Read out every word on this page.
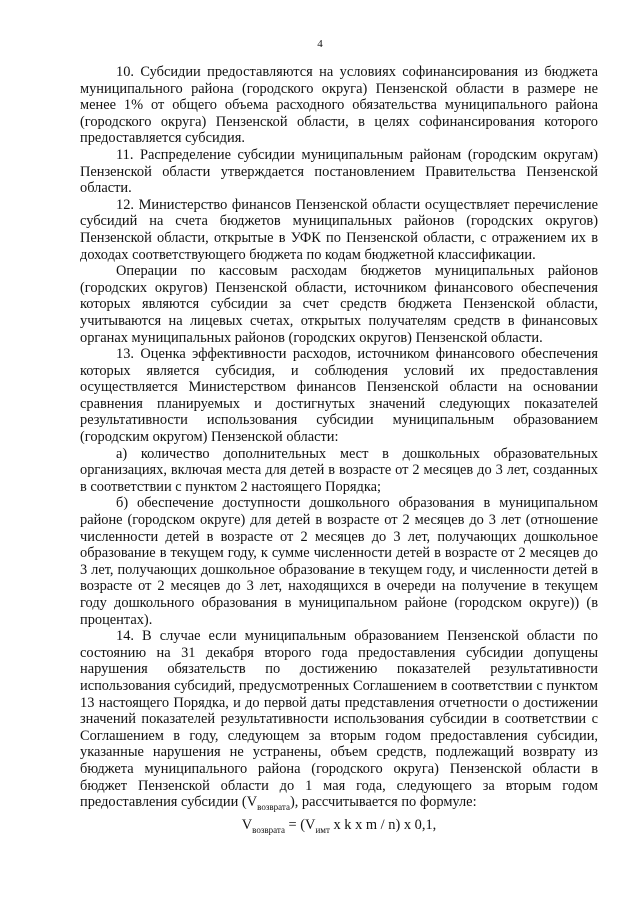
4

10. Субсидии предоставляются на условиях софинансирования из бюджета муниципального района (городского округа) Пензенской области в размере не менее 1% от общего объема расходного обязательства муниципального района (городского округа) Пензенской области, в целях софинансирования которого предоставляется субсидия.

11. Распределение субсидии муниципальным районам (городским округам) Пензенской области утверждается постановлением Правительства Пензенской области.

12. Министерство финансов Пензенской области осуществляет перечисление субсидий на счета бюджетов муниципальных районов (городских округов) Пензенской области, открытые в УФК по Пензенской области, с отражением их в доходах соответствующего бюджета по кодам бюджетной классификации.

Операции по кассовым расходам бюджетов муниципальных районов (городских округов) Пензенской области, источником финансового обеспечения которых являются субсидии за счет средств бюджета Пензенской области, учитываются на лицевых счетах, открытых получателям средств в финансовых органах муниципальных районов (городских округов) Пензенской области.

13. Оценка эффективности расходов, источником финансового обеспечения которых является субсидия, и соблюдения условий их предоставления осуществляется Министерством финансов Пензенской области на основании сравнения планируемых и достигнутых значений следующих показателей результативности использования субсидии муниципальным образованием (городским округом) Пензенской области:

а) количество дополнительных мест в дошкольных образовательных организациях, включая места для детей в возрасте от 2 месяцев до 3 лет, созданных в соответствии с пунктом 2 настоящего Порядка;

б) обеспечение доступности дошкольного образования в муниципальном районе (городском округе) для детей в возрасте от 2 месяцев до 3 лет (отношение численности детей в возрасте от 2 месяцев до 3 лет, получающих дошкольное образование в текущем году, к сумме численности детей в возрасте от 2 месяцев до 3 лет, получающих дошкольное образование в текущем году, и численности детей в возрасте от 2 месяцев до 3 лет, находящихся в очереди на получение в текущем году дошкольного образования в муниципальном районе (городском округе)) (в процентах).

14. В случае если муниципальным образованием Пензенской области по состоянию на 31 декабря второго года предоставления субсидии допущены нарушения обязательств по достижению показателей результативности использования субсидий, предусмотренных Соглашением в соответствии с пунктом 13 настоящего Порядка, и до первой даты представления отчетности о достижении значений показателей результативности использования субсидии в соответствии с Соглашением в году, следующем за вторым годом предоставления субсидии, указанные нарушения не устранены, объем средств, подлежащий возврату из бюджета муниципального района (городского округа) Пензенской области в бюджет Пензенской области до 1 мая года, следующего за вторым годом предоставления субсидии $(V_{возврата})$, рассчитывается по формуле:

$V_{возврата} = (V_{имт}$ x k x m / n) x 0,1,
